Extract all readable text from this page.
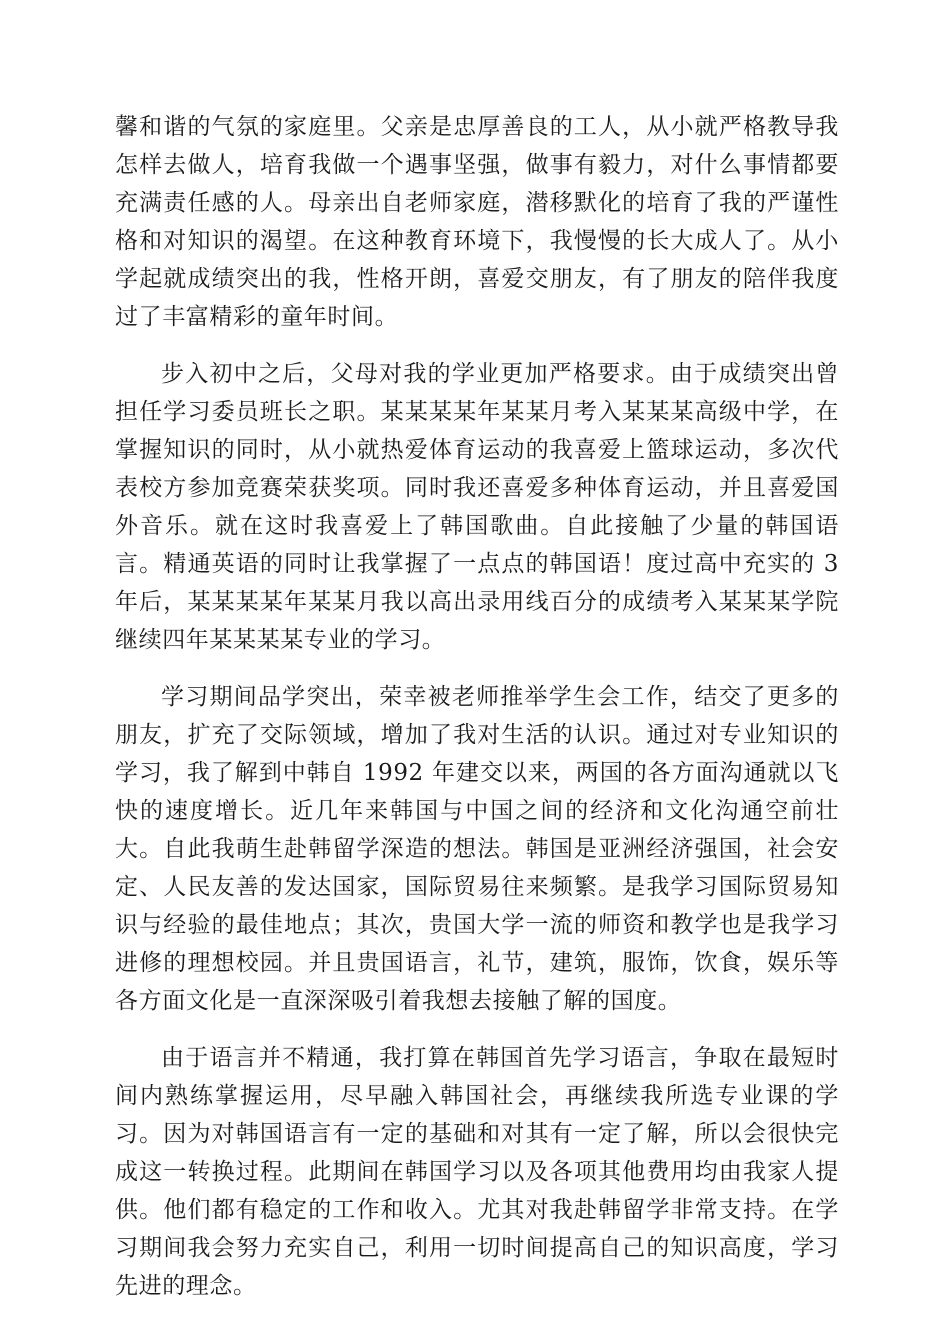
馨和谐的气氛的家庭里。父亲是忠厚善良的工人，从小就严格教导我怎样去做人，培育我做一个遇事坚强，做事有毅力，对什么事情都要充满责任感的人。母亲出自老师家庭，潜移默化的培育了我的严谨性格和对知识的渴望。在这种教育环境下，我慢慢的长大成人了。从小学起就成绩突出的我，性格开朗，喜爱交朋友，有了朋友的陪伴我度过了丰富精彩的童年时间。

步入初中之后，父母对我的学业更加严格要求。由于成绩突出曾担任学习委员班长之职。某某某某年某某月考入某某某高级中学，在掌握知识的同时，从小就热爱体育运动的我喜爱上篮球运动，多次代表校方参加竞赛荣获奖项。同时我还喜爱多种体育运动，并且喜爱国外音乐。就在这时我喜爱上了韩国歌曲。自此接触了少量的韩国语言。精通英语的同时让我掌握了一点点的韩国语！度过高中充实的 3 年后，某某某某年某某月我以高出录用线百分的成绩考入某某某学院继续四年某某某某专业的学习。

学习期间品学突出，荣幸被老师推举学生会工作，结交了更多的朋友，扩充了交际领域，增加了我对生活的认识。通过对专业知识的学习，我了解到中韩自 1992 年建交以来，两国的各方面沟通就以飞快的速度增长。近几年来韩国与中国之间的经济和文化沟通空前壮大。自此我萌生赴韩留学深造的想法。韩国是亚洲经济强国，社会安定、人民友善的发达国家，国际贸易往来频繁。是我学习国际贸易知识与经验的最佳地点；其次，贵国大学一流的师资和教学也是我学习进修的理想校园。并且贵国语言，礼节，建筑，服饰，饮食，娱乐等各方面文化是一直深深吸引着我想去接触了解的国度。

由于语言并不精通，我打算在韩国首先学习语言，争取在最短时间内熟练掌握运用，尽早融入韩国社会，再继续我所选专业课的学习。因为对韩国语言有一定的基础和对其有一定了解，所以会很快完成这一转换过程。此期间在韩国学习以及各项其他费用均由我家人提供。他们都有稳定的工作和收入。尤其对我赴韩留学非常支持。在学习期间我会努力充实自己，利用一切时间提高自己的知识高度，学习先进的理念。
